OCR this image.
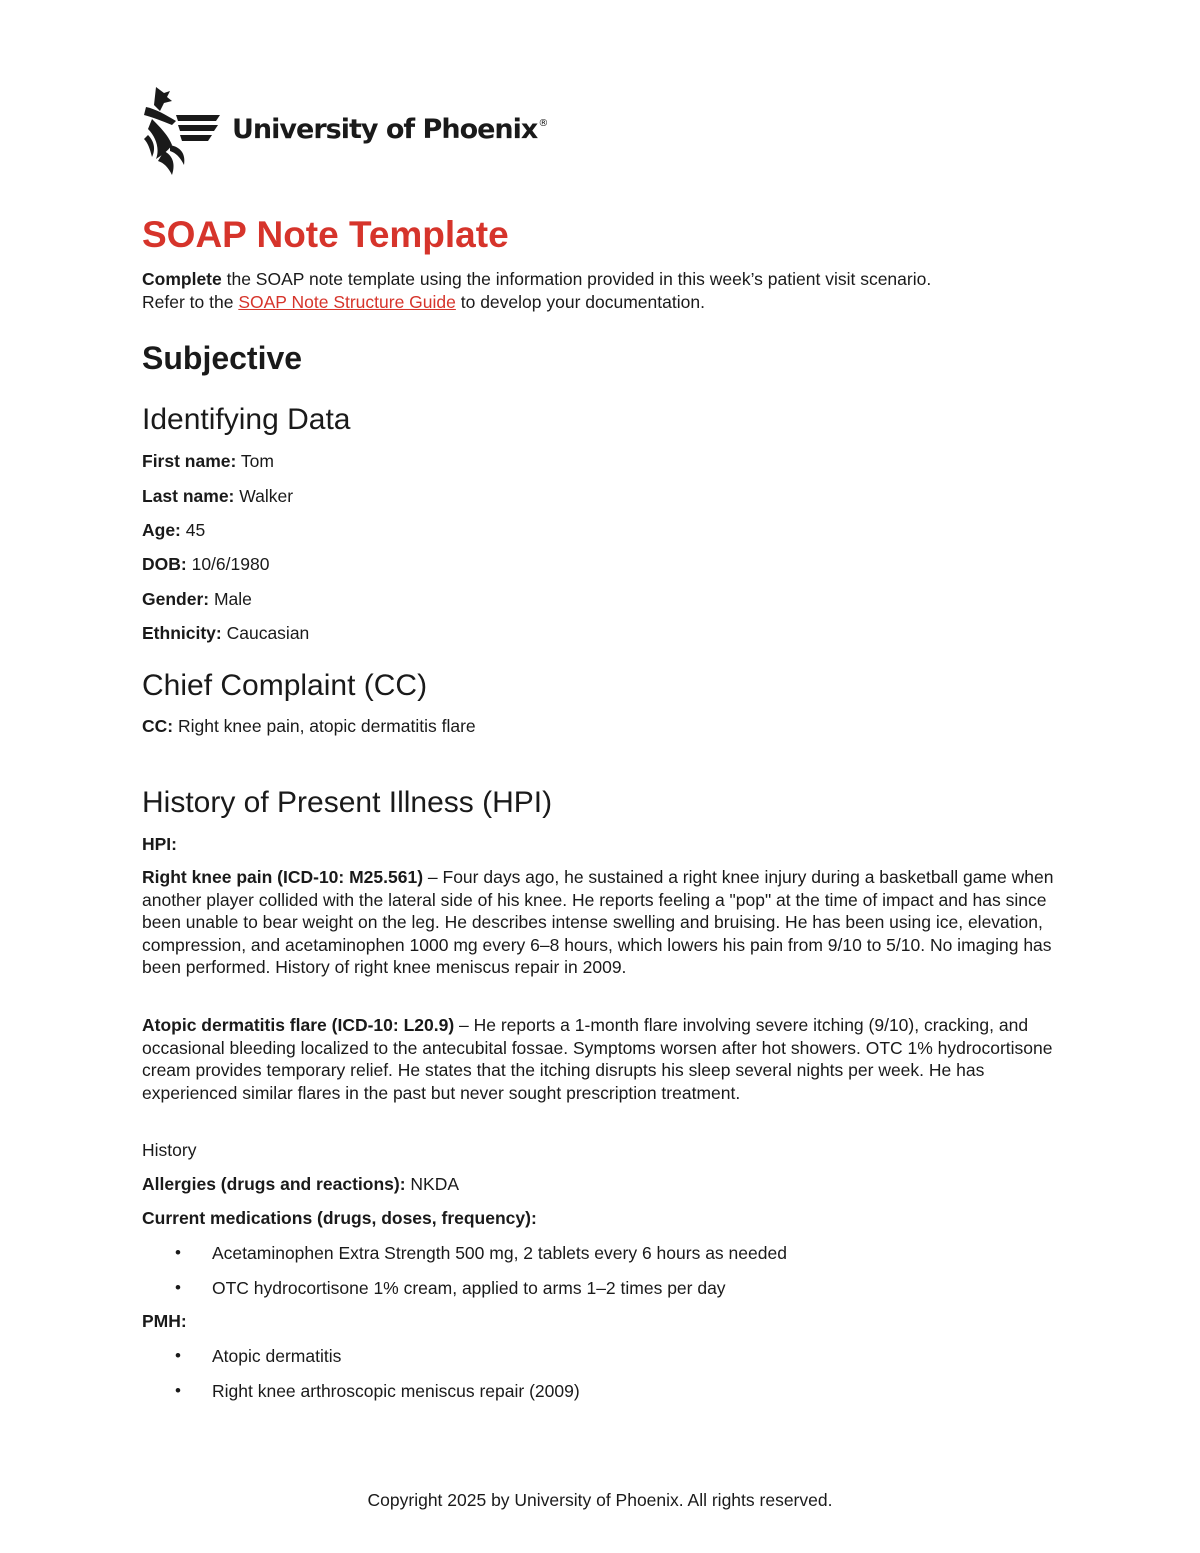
University of Phoenix®
SOAP Note Template
Complete the SOAP note template using the information provided in this week’s patient visit scenario.
Refer to the SOAP Note Structure Guide to develop your documentation.
Subjective
Identifying Data
First name: Tom
Last name: Walker
Age: 45
DOB: 10/6/1980
Gender: Male
Ethnicity: Caucasian
Chief Complaint (CC)
CC: Right knee pain, atopic dermatitis flare
History of Present Illness (HPI)
HPI:
Right knee pain (ICD-10: M25.561) – Four days ago, he sustained a right knee injury during a basketball game when another player collided with the lateral side of his knee. He reports feeling a "pop" at the time of impact and has since been unable to bear weight on the leg. He describes intense swelling and bruising. He has been using ice, elevation, compression, and acetaminophen 1000 mg every 6–8 hours, which lowers his pain from 9/10 to 5/10. No imaging has been performed. History of right knee meniscus repair in 2009.
Atopic dermatitis flare (ICD-10: L20.9) – He reports a 1-month flare involving severe itching (9/10), cracking, and occasional bleeding localized to the antecubital fossae. Symptoms worsen after hot showers. OTC 1% hydrocortisone cream provides temporary relief. He states that the itching disrupts his sleep several nights per week. He has experienced similar flares in the past but never sought prescription treatment.
History
Allergies (drugs and reactions): NKDA
Current medications (drugs, doses, frequency):
• Acetaminophen Extra Strength 500 mg, 2 tablets every 6 hours as needed
• OTC hydrocortisone 1% cream, applied to arms 1–2 times per day
PMH:
• Atopic dermatitis
• Right knee arthroscopic meniscus repair (2009)
Copyright 2025 by University of Phoenix. All rights reserved.
